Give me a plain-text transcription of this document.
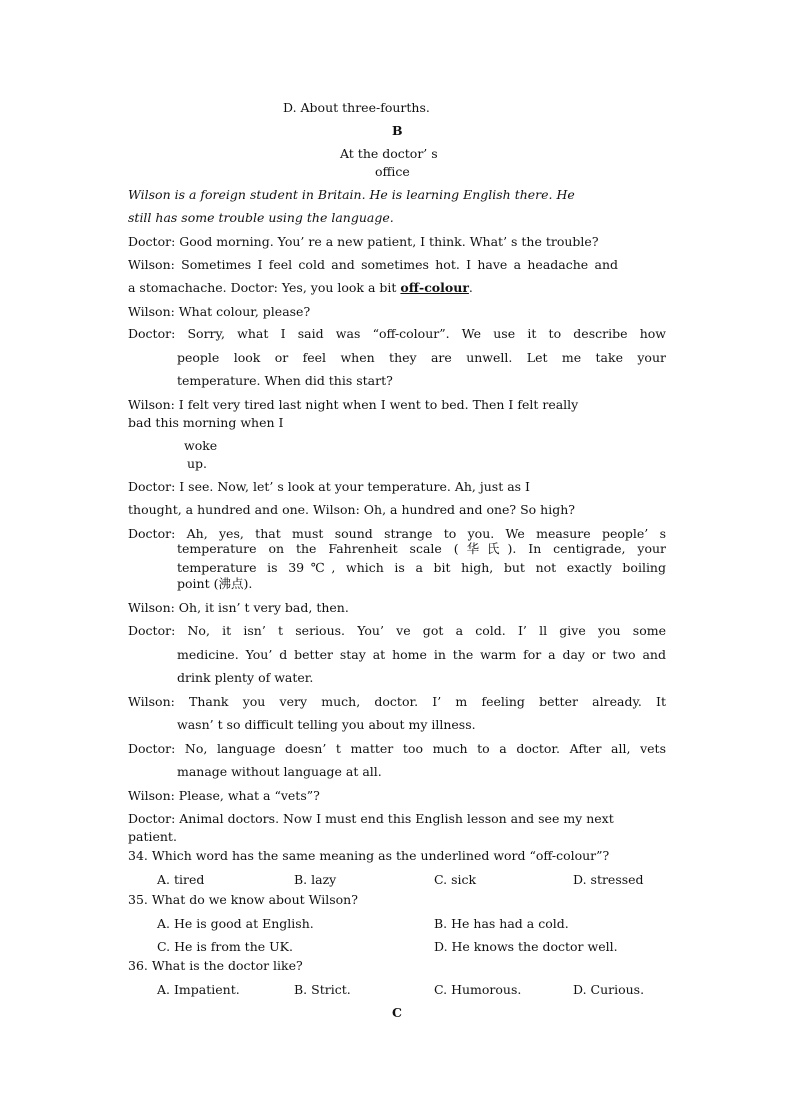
D. About three-fourths.
B
At the doctor’ s
office
Wilson is a foreign student in Britain. He is learning English there. He
still has some trouble using the language.
Doctor: Good morning. You’ re a new patient, I think. What’ s the trouble?
Wilson: Sometimes I feel cold and sometimes hot. I have a headache and
a stomachache. Doctor: Yes, you look a bit off-colour.
Wilson: What colour, please?
Doctor: Sorry, what I said was “off-colour”. We use it to describe how
people look or feel when they are unwell. Let me take your
temperature. When did this start?
Wilson: I felt very tired last night when I went to bed. Then I felt really
bad this morning when I
woke
up.
Doctor: I see. Now, let’ s look at your temperature. Ah, just as I
thought, a hundred and one. Wilson: Oh, a hundred and one? So high?
Doctor: Ah, yes, that must sound strange to you. We measure people’ s
temperature on the Fahrenheit scale (华氏). In centigrade, your
temperature is 39℃, which is a bit high, but not exactly boiling
point (沸点).
Wilson: Oh, it isn’ t very bad, then.
Doctor: No, it isn’ t serious. You’ ve got a cold. I’ ll give you some
medicine. You’ d better stay at home in the warm for a day or two and
drink plenty of water.
Wilson: Thank you very much, doctor. I’ m feeling better already. It
wasn’ t so difficult telling you about my illness.
Doctor: No, language doesn’ t matter too much to a doctor. After all, vets
manage without language at all.
Wilson: Please, what a “vets”?
Doctor: Animal doctors. Now I must end this English lesson and see my next
patient.
34. Which word has the same meaning as the underlined word “off-colour”?
A. tired	B. lazy	C. sick	D. stressed
35. What do we know about Wilson?
A. He is good at English.	B. He has had a cold.
C. He is from the UK.	D. He knows the doctor well.
36. What is the doctor like?
A. Impatient.	B. Strict.	C. Humorous.	D. Curious.
C
